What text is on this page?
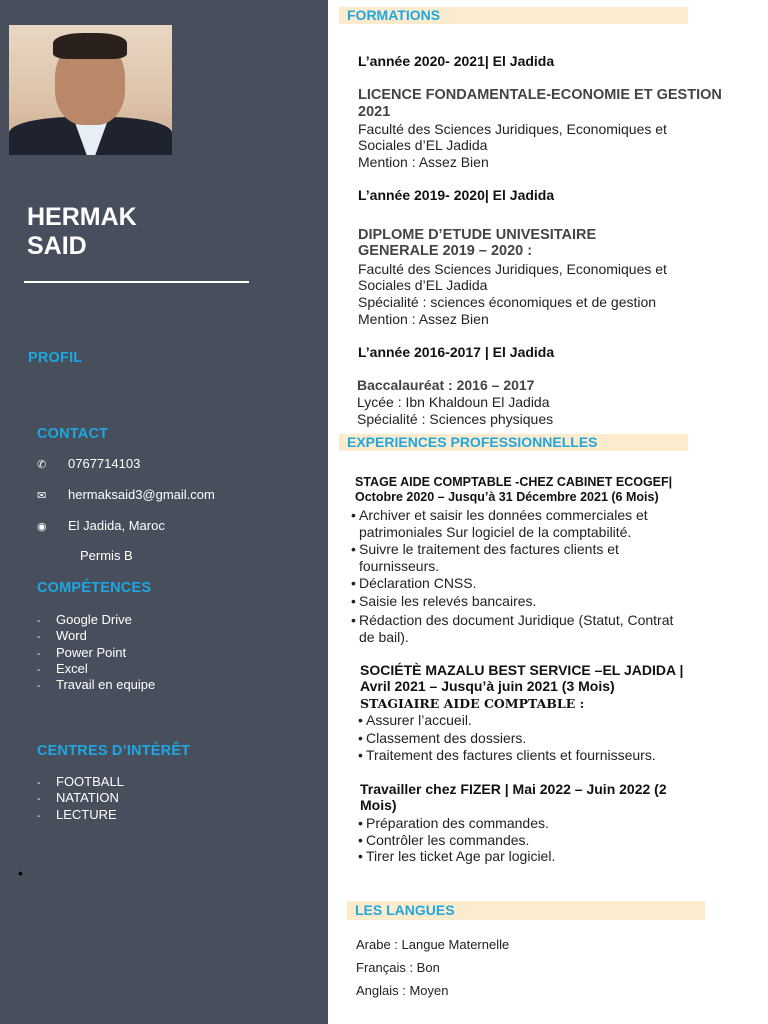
HERMAK
SAID
PROFIL
CONTACT
✆ 0767714103
✉ hermaksaid3@gmail.com
◉ El Jadida, Maroc
Permis B
COMPÉTENCES
- Google Drive
- Word
- Power Point
- Excel
- Travail en equipe
CENTRES D’INTÉRÊT
- FOOTBALL
- NATATION
- LECTURE
•
FORMATIONS
L’année 2020- 2021| El Jadida
LICENCE FONDAMENTALE-ECONOMIE ET GESTION
2021
Faculté des Sciences Juridiques, Economiques et
Sociales d’EL Jadida
Mention : Assez Bien
L’année 2019- 2020| El Jadida
DIPLOME D’ETUDE UNIVESITAIRE
GENERALE 2019 – 2020 :
Faculté des Sciences Juridiques, Economiques et
Sociales d’EL Jadida
Spécialité : sciences économiques et de gestion
Mention : Assez Bien
L’année 2016-2017 | El Jadida
Baccalauréat : 2016 – 2017
Lycée : Ibn Khaldoun El Jadida
Spécialité : Sciences physiques
EXPERIENCES PROFESSIONNELLES
STAGE AIDE COMPTABLE -CHEZ CABINET ECOGEF|
Octobre 2020 – Jusqu’à 31 Décembre 2021 (6 Mois)
• Archiver et saisir les données commerciales et
patrimoniales Sur logiciel de la comptabilité.
• Suivre le traitement des factures clients et
fournisseurs.
• Déclaration CNSS.
• Saisie les relevés bancaires.
• Rédaction des document Juridique (Statut, Contrat
de bail).
SOCIÉTÈ MAZALU BEST SERVICE –EL JADIDA |
Avril 2021 – Jusqu’à juin 2021 (3 Mois)
STAGIAIRE AIDE COMPTABLE :
• Assurer l’accueil.
• Classement des dossiers.
• Traitement des factures clients et fournisseurs.
Travailler chez FIZER | Mai 2022 – Juin 2022 (2
Mois)
• Préparation des commandes.
• Contrôler les commandes.
• Tirer les ticket Age par logiciel.
LES LANGUES
Arabe : Langue Maternelle
Français : Bon
Anglais : Moyen
